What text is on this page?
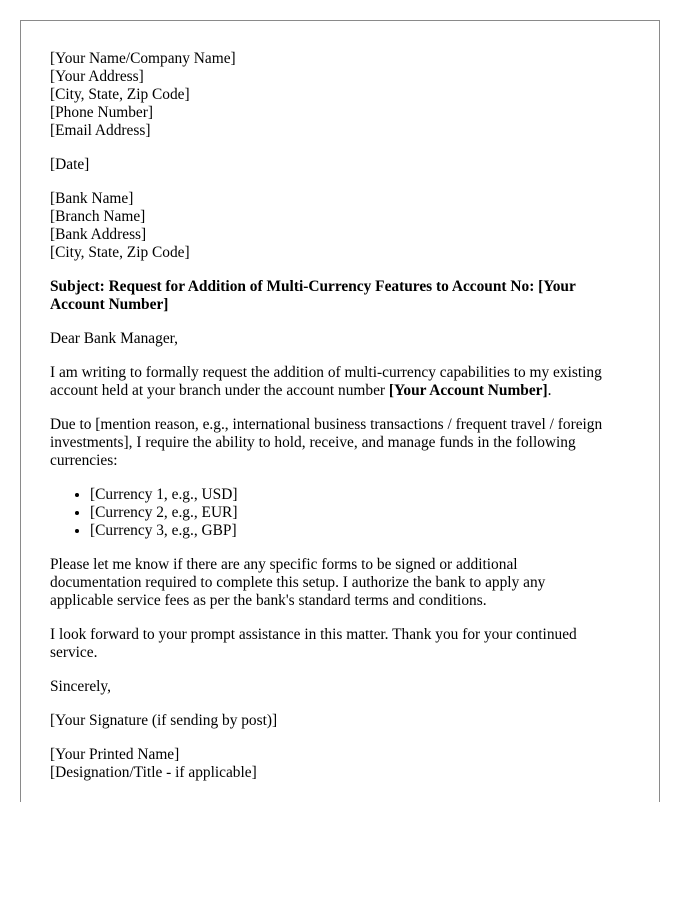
[Your Name/Company Name]
[Your Address]
[City, State, Zip Code]
[Phone Number]
[Email Address]
[Date]
[Bank Name]
[Branch Name]
[Bank Address]
[City, State, Zip Code]
Subject: Request for Addition of Multi-Currency Features to Account No: [Your
Account Number]

Dear Bank Manager,

I am writing to formally request the addition of multi-currency capabilities to my existing
account held at your branch under the account number [Your Account Number].
Due to [mention reason, e.g., international business transactions / frequent travel / foreign
investments], I require the ability to hold, receive, and manage funds in the following
currencies:
• [Currency 1, e.g., USD]
• [Currency 2, e.g., EUR]
• [Currency 3, e.g., GBP]
Please let me know if there are any specific forms to be signed or additional
documentation required to complete this setup. I authorize the bank to apply any
applicable service fees as per the bank's standard terms and conditions.
I look forward to your prompt assistance in this matter. Thank you for your continued
service.

Sincerely,

[Your Signature (if sending by post)]

[Your Printed Name]
[Designation/Title - if applicable]
